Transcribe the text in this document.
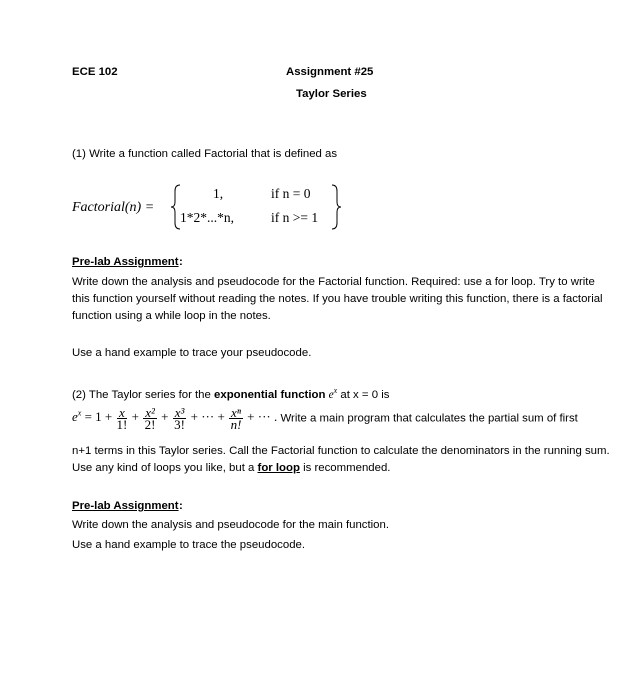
ECE 102	Assignment #25
Taylor Series
(1) Write a function called Factorial that is defined as
Factorial(n) =
1,	if n = 0
1*2*...*n,	if n >= 1
Pre-lab Assignment :
Write down the analysis and pseudocode for the Factorial function. Required: use a for loop. Try to write this function yourself without reading the notes. If you have trouble writing this function, there is a factorial function using a while loop in the notes.
Use a hand example to trace your pseudocode.
(2) The Taylor series for the exponential function $e^x$ at x = 0 is
$e^x = 1 + \frac{x}{1!} + \frac{\text{x²}}{2!} + \frac{\text{x³}}{3!}$ + ··· + $\frac{\text{xⁿ}}{n!}$ + ··· . Write a main program that calculates the partial sum of first
n+1 terms in this Taylor series. Call the Factorial function to calculate the denominators in the running sum. Use any kind of loops you like, but a for loop is recommended.
Pre-lab Assignment :
Write down the analysis and pseudocode for the main function.
Use a hand example to trace the pseudocode.
